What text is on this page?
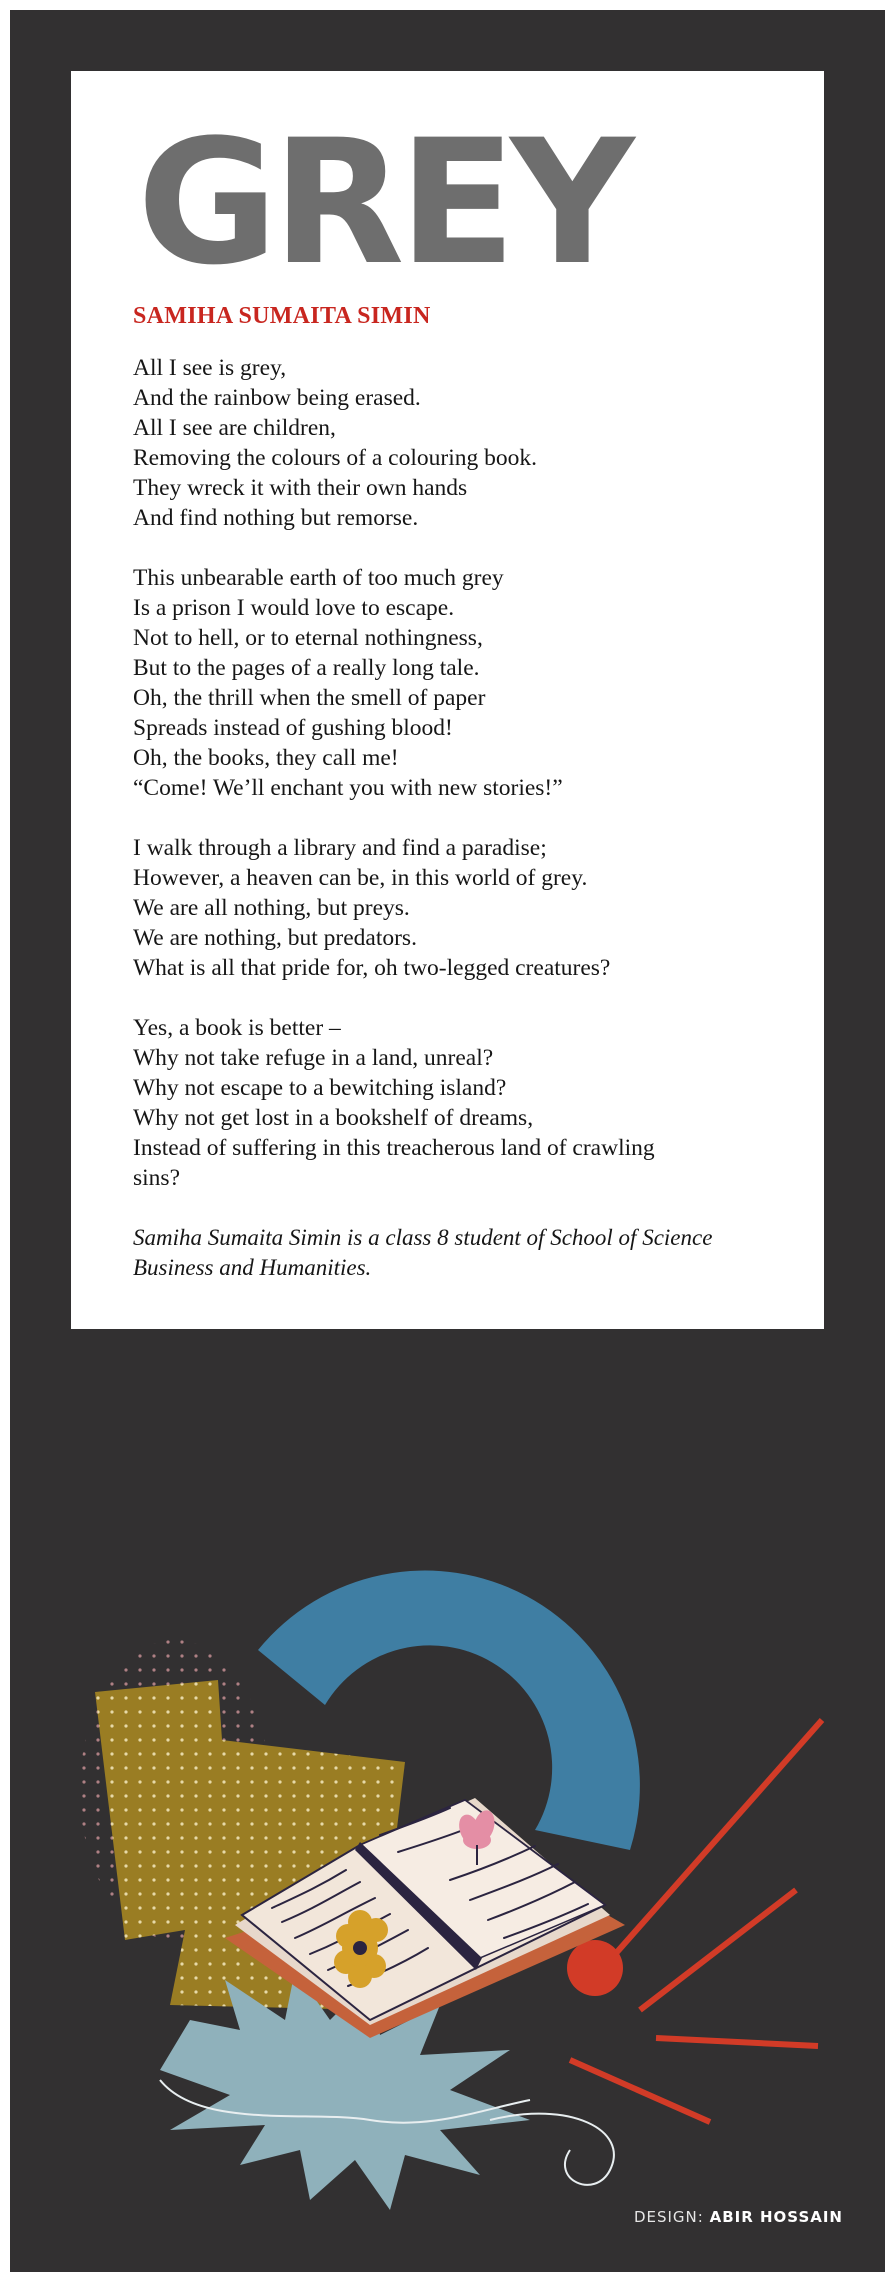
GREY
SAMIHA SUMAITA SIMIN
All I see is grey,
And the rainbow being erased.
All I see are children,
Removing the colours of a colouring book.
They wreck it with their own hands
And find nothing but remorse.
This unbearable earth of too much grey
Is a prison I would love to escape.
Not to hell, or to eternal nothingness,
But to the pages of a really long tale.
Oh, the thrill when the smell of paper
Spreads instead of gushing blood!
Oh, the books, they call me!
“Come! We’ll enchant you with new stories!”
I walk through a library and find a paradise;
However, a heaven can be, in this world of grey.
We are all nothing, but preys.
We are nothing, but predators.
What is all that pride for, oh two-legged creatures?
Yes, a book is better –
Why not take refuge in a land, unreal?
Why not escape to a bewitching island?
Why not get lost in a bookshelf of dreams,
Instead of suffering in this treacherous land of crawling
sins?
Samiha Sumaita Simin is a class 8 student of School of Science
Business and Humanities.
DESIGN: ABIR HOSSAIN
